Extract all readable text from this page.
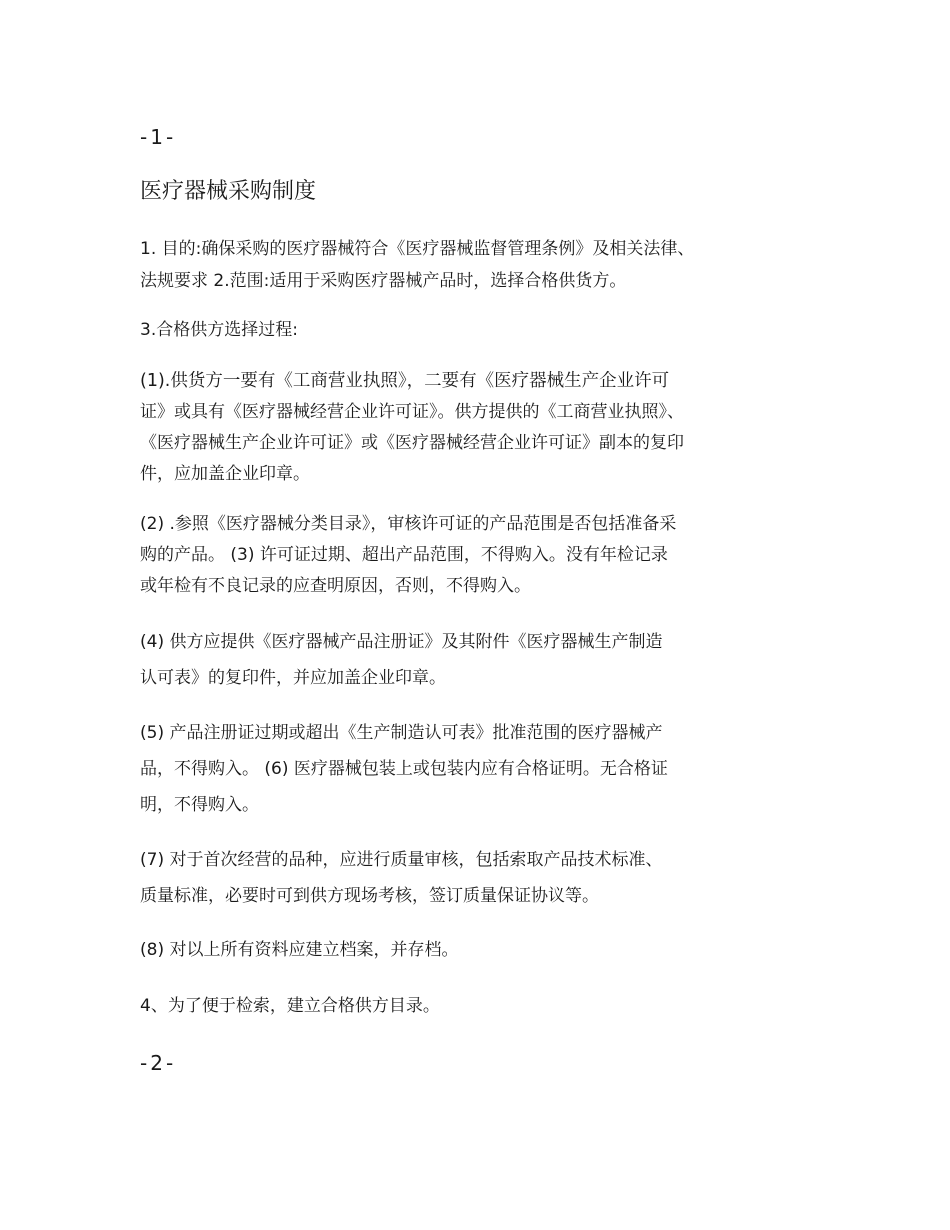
-1-
医疗器械采购制度

1. 目的:确保采购的医疗器械符合《医疗器械监督管理条例》及相关法律、
法规要求 2.范围:适用于采购医疗器械产品时，选择合格供货方。

3.合格供方选择过程:

(1).供货方一要有《工商营业执照》，二要有《医疗器械生产企业许可
证》或具有《医疗器械经营企业许可证》。供方提供的《工商营业执照》、
《医疗器械生产企业许可证》或《医疗器械经营企业许可证》副本的复印
件，应加盖企业印章。

(2) .参照《医疗器械分类目录》，审核许可证的产品范围是否包括准备采
购的产品。 (3) 许可证过期、超出产品范围，不得购入。没有年检记录
或年检有不良记录的应查明原因，否则，不得购入。

(4) 供方应提供《医疗器械产品注册证》及其附件《医疗器械生产制造
认可表》的复印件，并应加盖企业印章。

(5) 产品注册证过期或超出《生产制造认可表》批准范围的医疗器械产
品，不得购入。 (6) 医疗器械包装上或包装内应有合格证明。无合格证
明，不得购入。

(7) 对于首次经营的品种，应进行质量审核，包括索取产品技术标准、
质量标准，必要时可到供方现场考核，签订质量保证协议等。

(8) 对以上所有资料应建立档案，并存档。

4、为了便于检索，建立合格供方目录。

-2-
